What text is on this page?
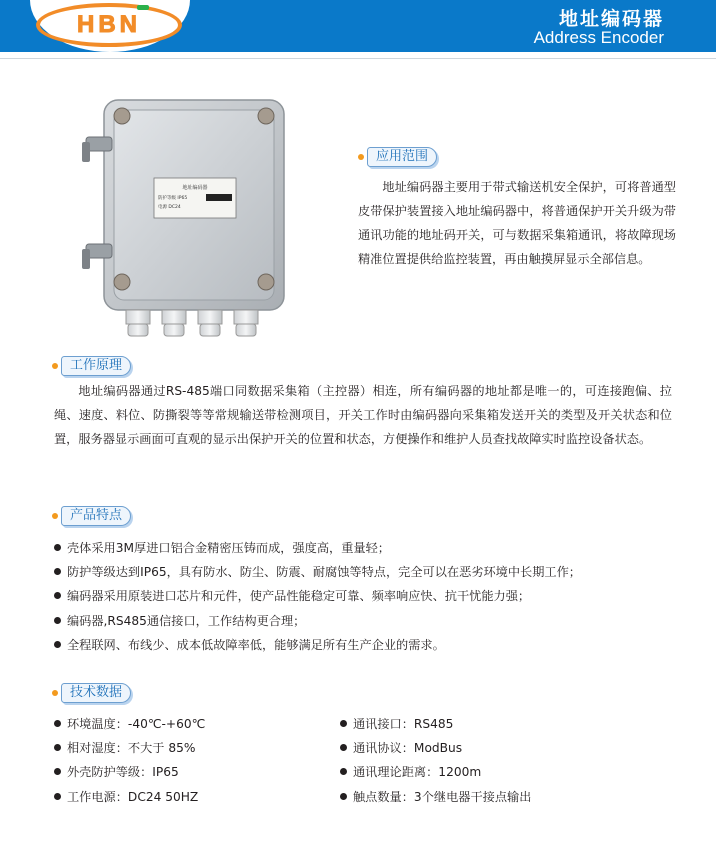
HBN	地址编码器
Address Encoder
地址编码器
防护等级 IP65
电源 DC24
应用范围
地址编码器主要用于带式输送机安全保护，可将普通型皮带保护装置接入地址编码器中，将普通保护开关升级为带通讯功能的地址码开关，可与数据采集箱通讯，将故障现场精准位置提供给监控装置，再由触摸屏显示全部信息。
工作原理
地址编码器通过RS-485端口同数据采集箱（主控器）相连，所有编码器的地址都是唯一的，可连接跑偏、拉绳、速度、料位、防撕裂等等常规输送带检测项目，开关工作时由编码器向采集箱发送开关的类型及开关状态和位置，服务器显示画面可直观的显示出保护开关的位置和状态，方便操作和维护人员查找故障实时监控设备状态。
产品特点
壳体采用3M厚进口铝合金精密压铸而成，强度高，重量轻；
防护等级达到IP65，具有防水、防尘、防震、耐腐蚀等特点，完全可以在恶劣环境中长期工作；
编码器采用原装进口芯片和元件，使产品性能稳定可靠、频率响应快、抗干忧能力强；
编码器,RS485通信接口，工作结构更合理；
全程联网、布线少、成本低故障率低，能够满足所有生产企业的需求。
技术数据
环境温度：-40℃-+60℃
相对湿度：不大于 85%
外壳防护等级：IP65
工作电源：DC24 50HZ
通讯接口：RS485
通讯协议：ModBus
通讯理论距离：1200m
触点数量：3个继电器干接点输出
